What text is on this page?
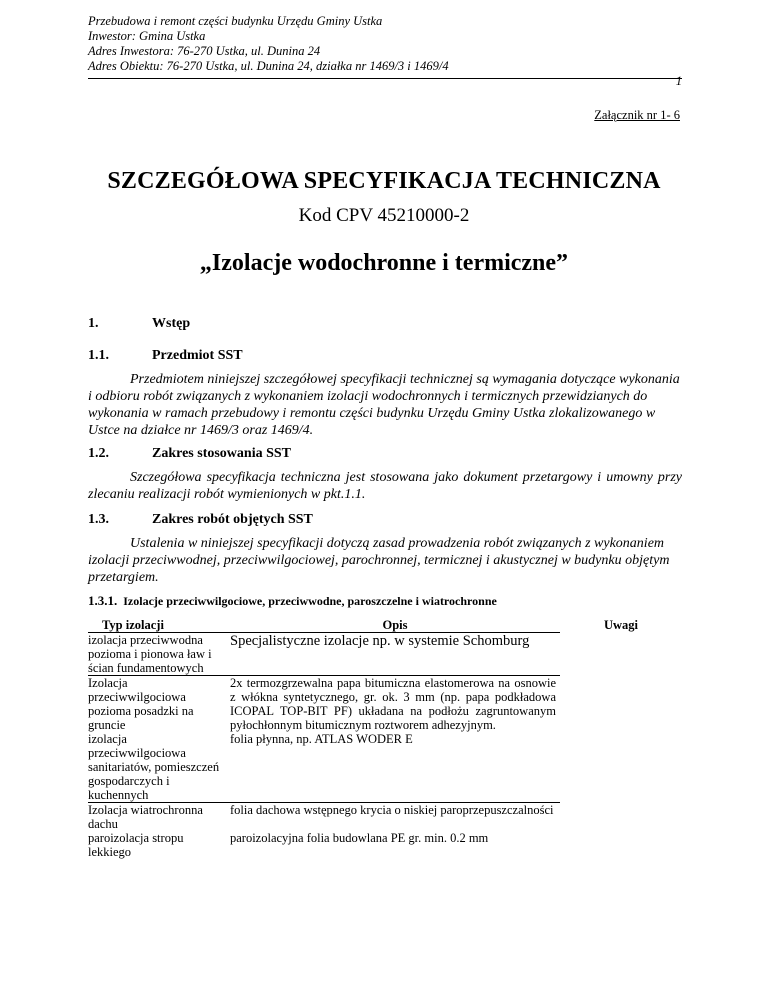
Przebudowa i remont części budynku Urzędu Gminy Ustka
Inwestor: Gmina Ustka
Adres Inwestora: 76-270 Ustka, ul. Dunina 24
Adres Obiektu: 76-270 Ustka, ul. Dunina 24, działka nr 1469/3 i 1469/4
1
Załącznik nr 1- 6
SZCZEGÓŁOWA SPECYFIKACJA TECHNICZNA
Kod CPV 45210000-2
„Izolacje wodochronne i termiczne”
1.	Wstęp
1.1.	Przedmiot SST
Przedmiotem niniejszej szczegółowej specyfikacji technicznej są wymagania dotyczące wykonania i odbioru robót związanych z wykonaniem izolacji wodochronnych i termicznych przewidzianych do wykonania w ramach przebudowy i remontu części budynku Urzędu Gminy Ustka zlokalizowanego w Ustce na działce nr 1469/3 oraz 1469/4.
1.2.	Zakres stosowania SST
Szczegółowa specyfikacja techniczna jest stosowana jako dokument przetargowy i umowny przy zlecaniu realizacji robót wymienionych w pkt.1.1.
1.3.	Zakres robót objętych SST
Ustalenia w niniejszej specyfikacji dotyczą zasad prowadzenia robót związanych z wykonaniem izolacji przeciwwodnej, przeciwwilgociowej, parochronnej, termicznej i akustycznej w budynku objętym przetargiem.
1.3.1. Izolacje przeciwwilgociowe, przeciwwodne, paroszczelne i wiatrochronne
Typ izolacji	Opis	Uwagi
izolacja przeciwwodna pozioma i pionowa ław i ścian fundamentowych	Specjalistyczne izolacje np. w systemie Schomburg	
Izolacja przeciwwilgociowa pozioma posadzki na gruncie	2x termozgrzewalna papa bitumiczna elastomerowa na osnowie z włókna syntetycznego, gr. ok. 3 mm (np. papa podkładowa ICOPAL TOP-BIT PF) układana na podłożu zagruntowanym pyłochłonnym bitumicznym roztworem adhezyjnym.	
izolacja przeciwwilgociowa sanitariatów, pomieszczeń gospodarczych i kuchennych	folia płynna, np. ATLAS WODER E	
Izolacja wiatrochronna dachu	folia dachowa wstępnego krycia o niskiej paroprzepuszczalności	
paroizolacja stropu lekkiego	paroizolacyjna folia budowlana PE gr. min. 0.2 mm	
